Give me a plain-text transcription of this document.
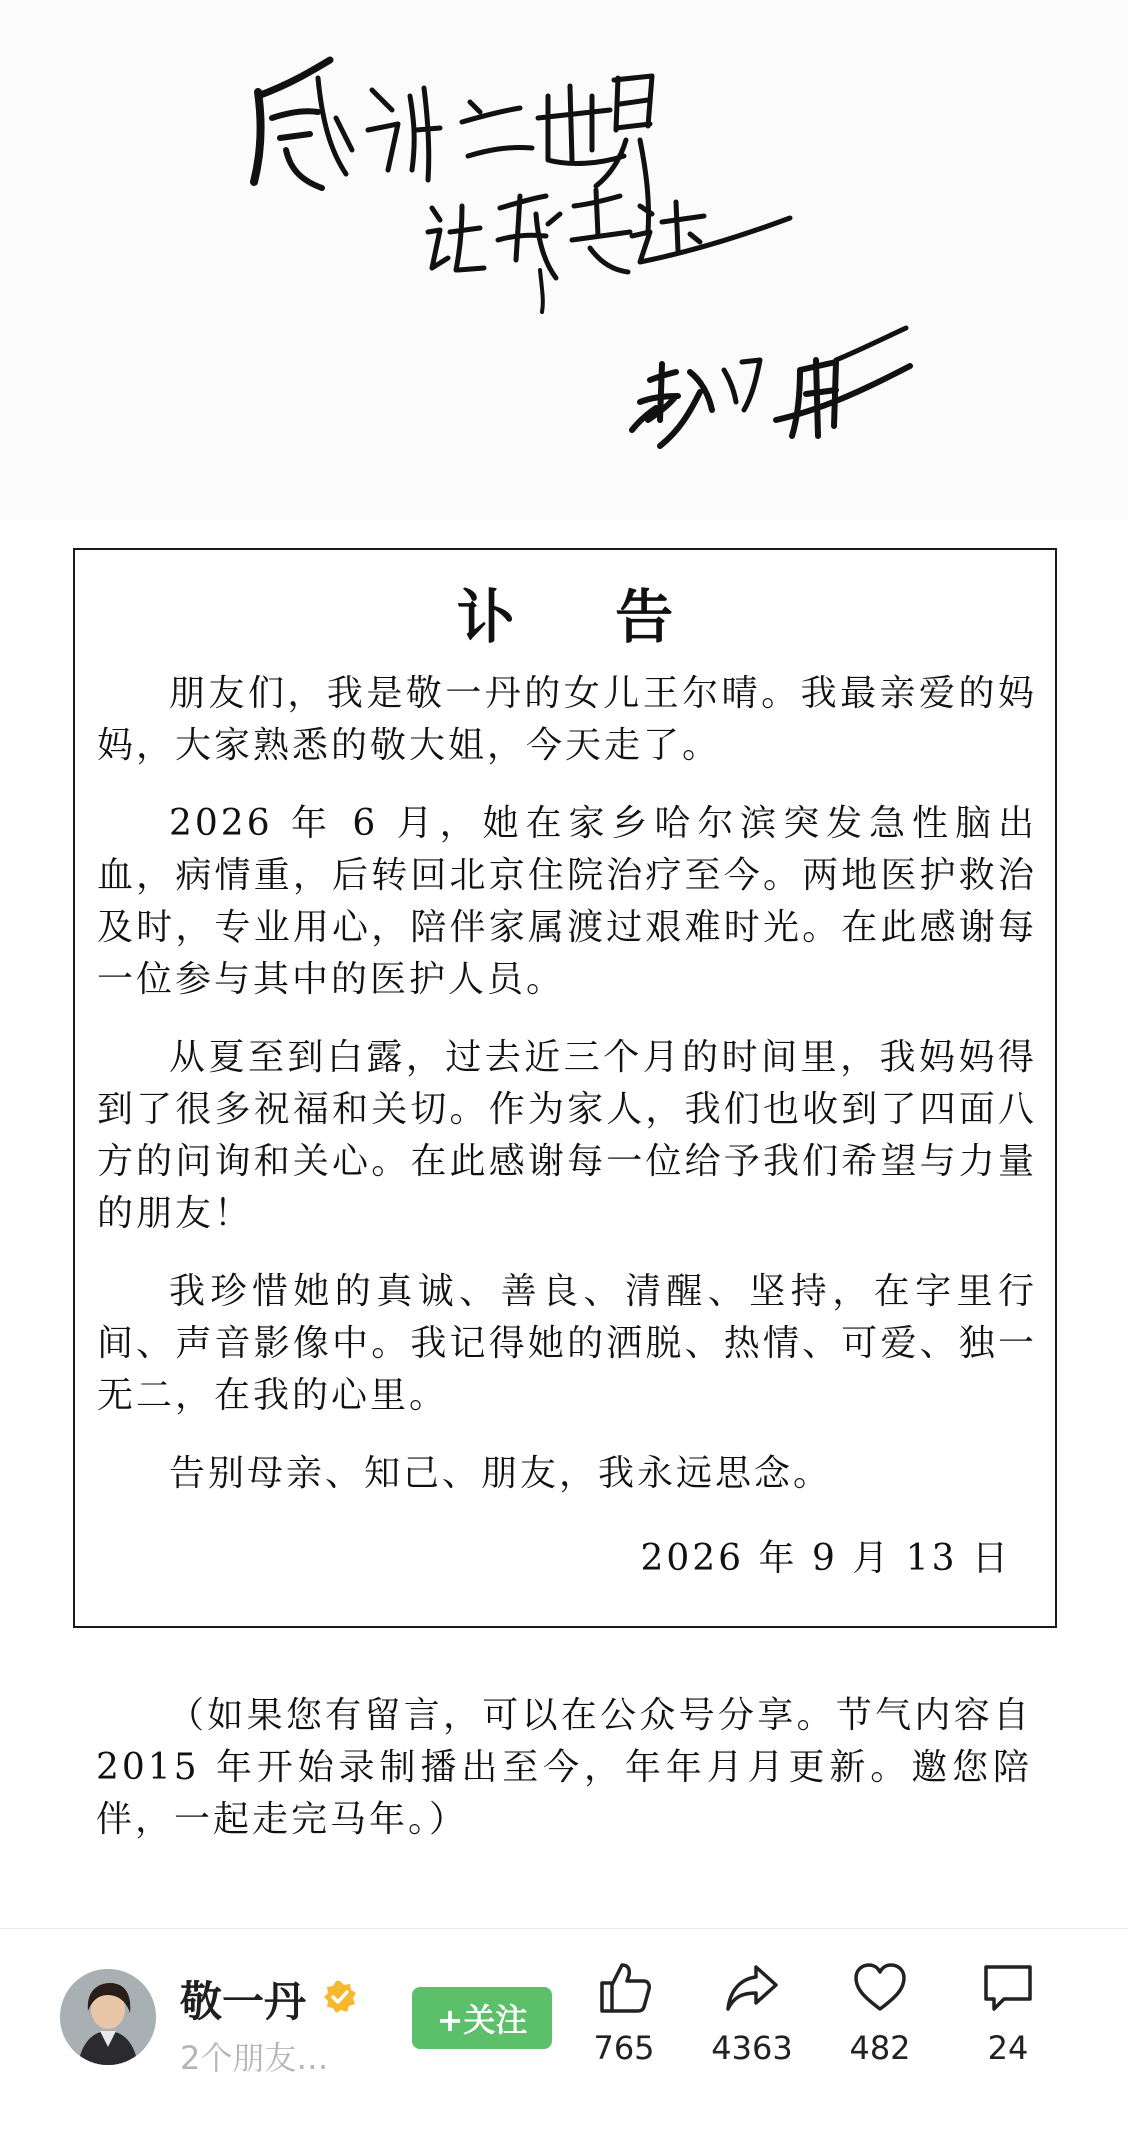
讣 告

朋友们，我是敬一丹的女儿王尔晴。我最亲爱的妈妈，大家熟悉的敬大姐，今天走了。

2026 年 6 月，她在家乡哈尔滨突发急性脑出血，病情重，后转回北京住院治疗至今。两地医护救治及时，专业用心，陪伴家属渡过艰难时光。在此感谢每一位参与其中的医护人员。

从夏至到白露，过去近三个月的时间里，我妈妈得到了很多祝福和关切。作为家人，我们也收到了四面八方的问询和关心。在此感谢每一位给予我们希望与力量的朋友！

我珍惜她的真诚、善良、清醒、坚持，在字里行间、声音影像中。我记得她的洒脱、热情、可爱、独一无二，在我的心里。

告别母亲、知己、朋友，我永远思念。

2026 年 9 月 13 日
（如果您有留言，可以在公众号分享。节气内容自 2015 年开始录制播出至今，年年月月更新。邀您陪伴，一起走完马年。）
敬一丹
2个朋友…
+关注
765	4363	482	24
